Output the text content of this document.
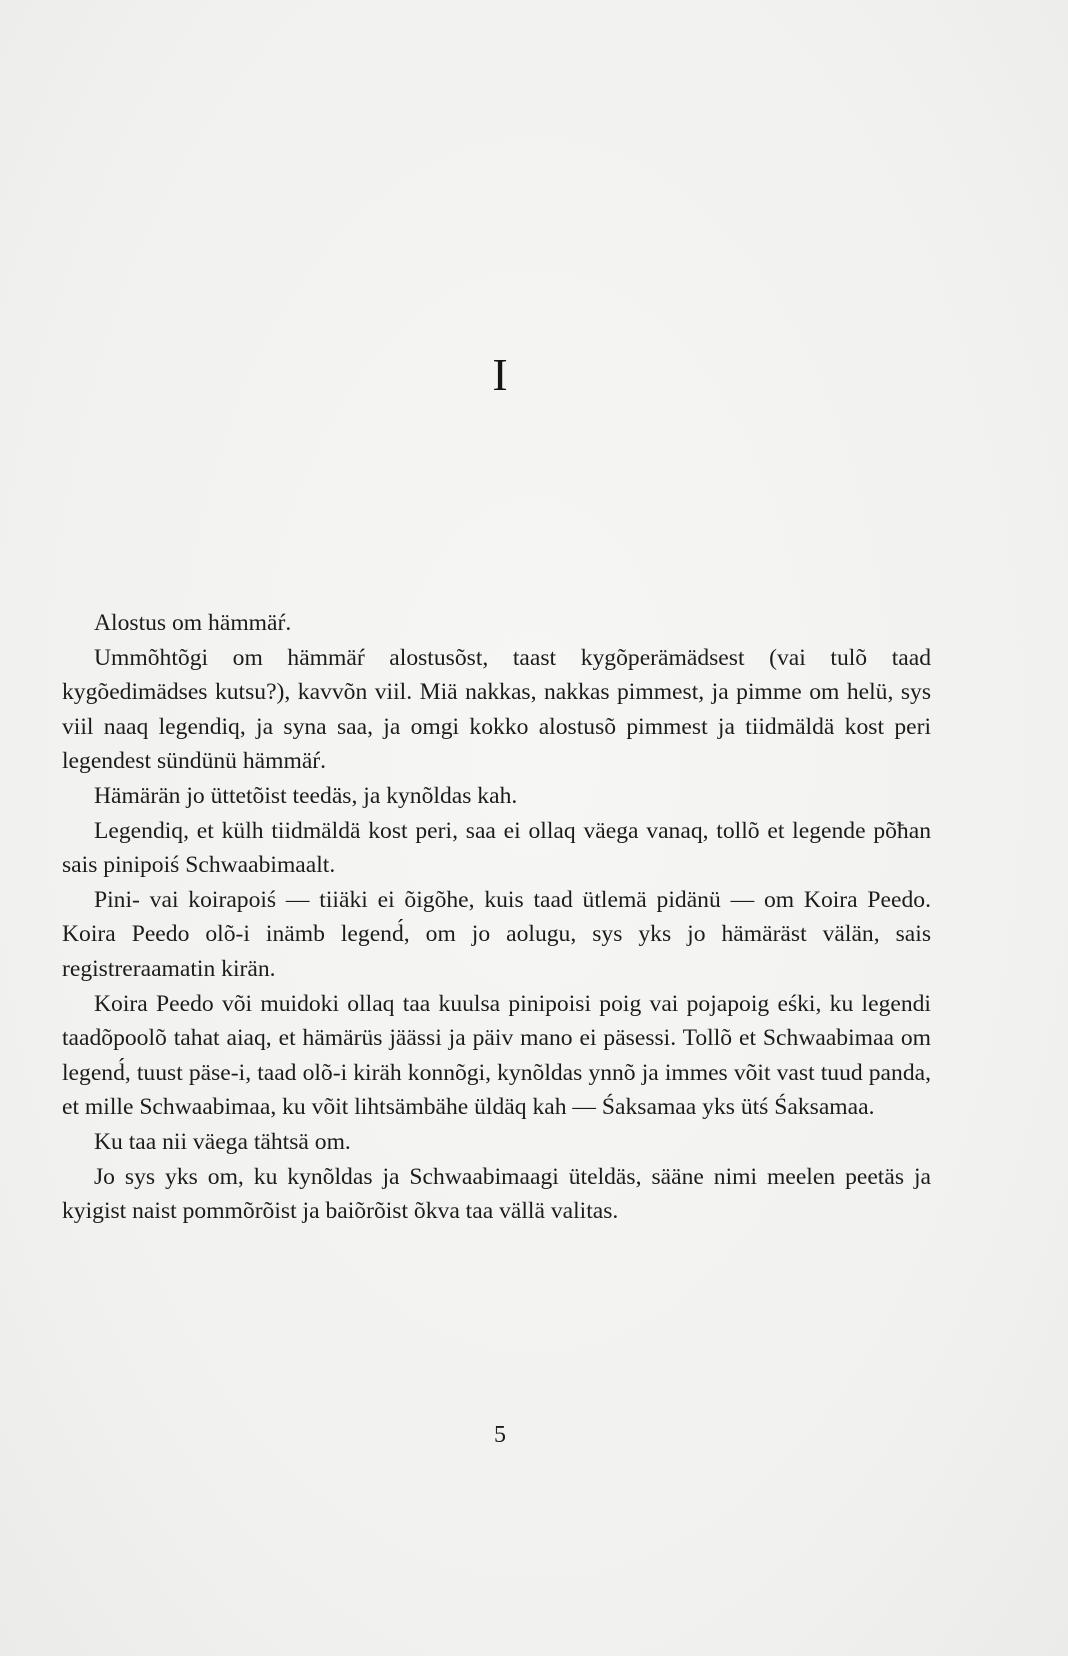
I

Alostus om hämmäŕ.

Ummõhtõgi om hämmäŕ alostusõst, taast kygõperämädsest (vai tulõ taad kygõedimädses kutsu?), kavvõn viil. Miä nakkas, nakkas pimmest, ja pimme om helü, sys viil naaq legendiq, ja syna saa, ja omgi kokko alostusõ pimmest ja tiidmäldä kost peri legendest sündünü hämmäŕ.

Hämärän jo üttetõist teedäs, ja kynõldas kah.

Legendiq, et külh tiidmäldä kost peri, saa ei ollaq väega vanaq, tollõ et legende põħan sais pinipoiś Schwaabimaalt.

Pini- vai koirapoiś — tiiäki ei õigõhe, kuis taad ütlemä pidänü — om Koira Peedo. Koira Peedo olõ-i inämb legend́, om jo aolugu, sys yks jo hämäräst välän, sais registreraamatin kirän.

Koira Peedo või muidoki ollaq taa kuulsa pinipoisi poig vai pojapoig eśki, ku legendi taadõpoolõ tahat aiaq, et hämärüs jäässi ja päiv mano ei päsessi. Tollõ et Schwaabimaa om legend́, tuust päse-i, taad olõ-i kiräh konnõgi, kynõldas ynnõ ja immes võit vast tuud panda, et mille Schwaabimaa, ku võit lihtsämbähe üldäq kah — Śaksamaa yks ütś Śaksamaa.

Ku taa nii väega tähtsä om.

Jo sys yks om, ku kynõldas ja Schwaabimaagi üteldäs, sääne nimi meelen peetäs ja kyigist naist pommõrõist ja baiõrõist õkva taa vällä valitas.

5
